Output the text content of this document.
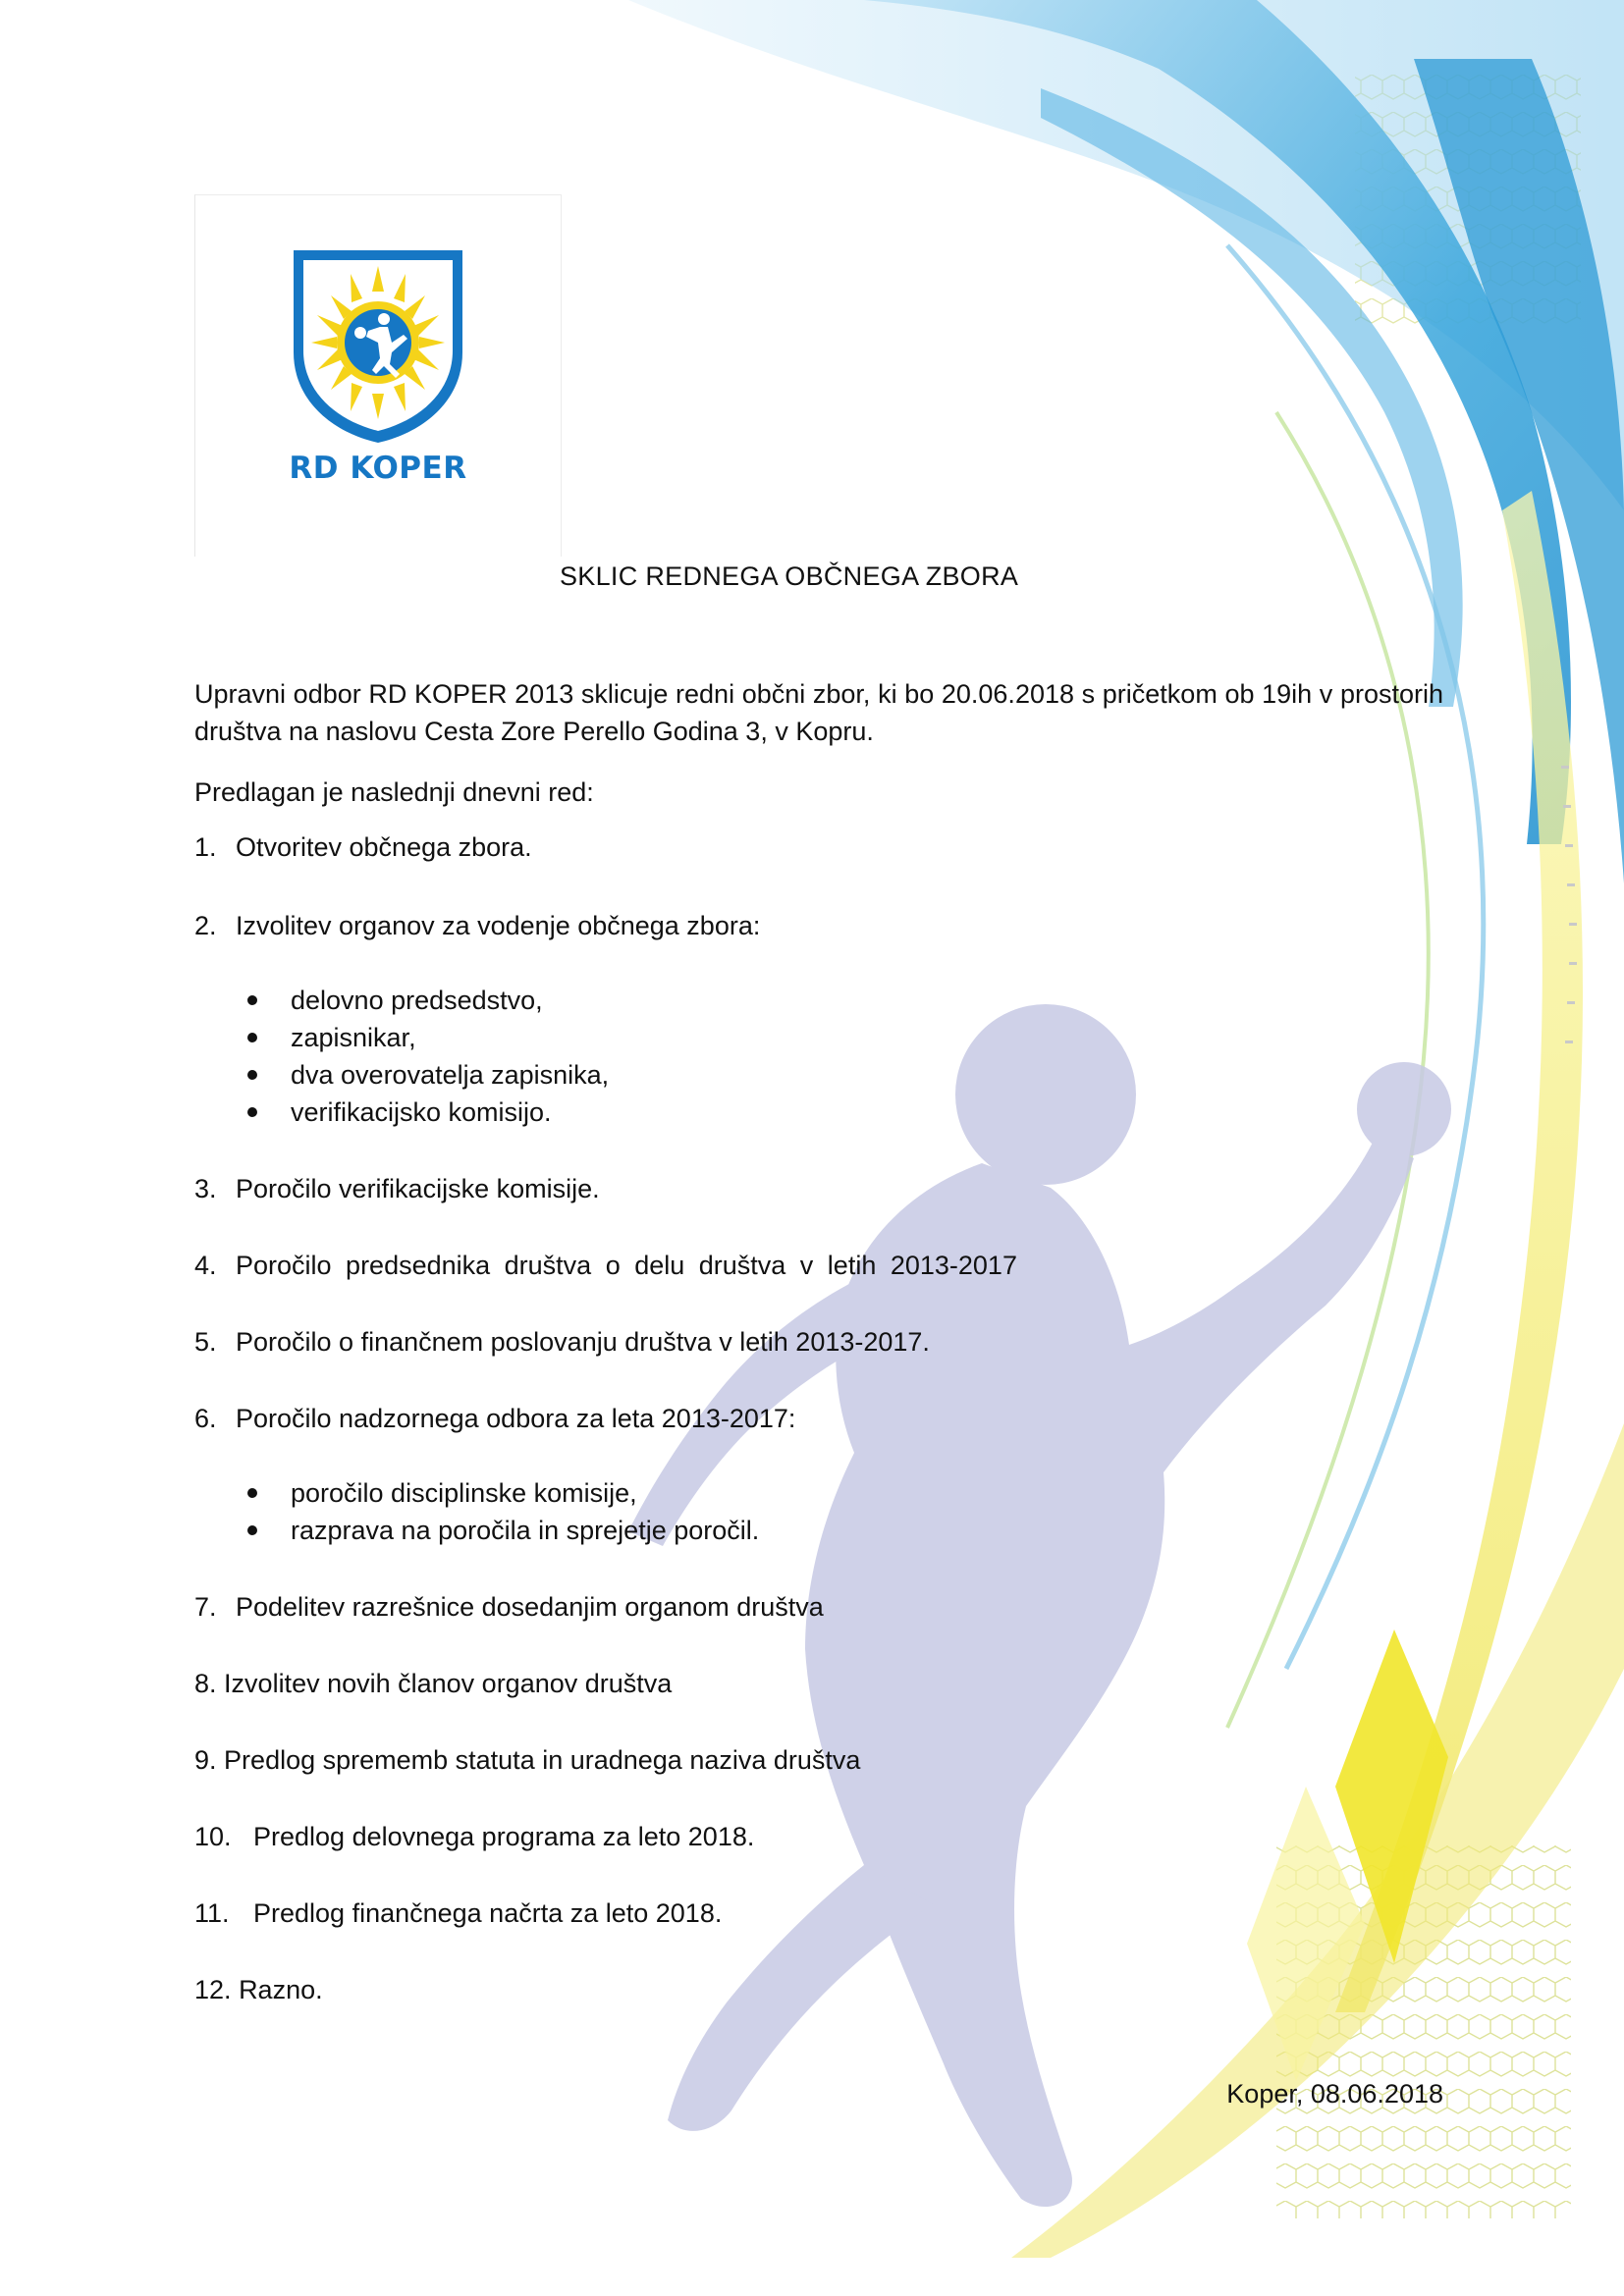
RD KOPER
SKLIC REDNEGA OBČNEGA ZBORA
Upravni odbor RD KOPER 2013 sklicuje redni občni zbor, ki bo 20.06.2018 s pričetkom ob 19ih v prostorih društva na naslovu Cesta Zore Perello Godina 3, v Kopru.
Predlagan je naslednji dnevni red:
1. Otvoritev občnega zbora.
2. Izvolitev organov za vodenje občnega zbora:
delovno predsedstvo,
zapisnikar,
dva overovatelja zapisnika,
verifikacijsko komisijo.
3. Poročilo verifikacijske komisije.
4. Poročilo predsednika društva o delu društva v letih 2013-2017
5. Poročilo o finančnem poslovanju društva v letih 2013-2017.
6. Poročilo nadzornega odbora za leta 2013-2017:
poročilo disciplinske komisije,
razprava na poročila in sprejetje poročil.
7. Podelitev razrešnice dosedanjim organom društva
8. Izvolitev novih članov organov društva
9. Predlog sprememb statuta in uradnega naziva društva
10. Predlog delovnega programa za leto 2018.
11. Predlog finančnega načrta za leto 2018.
12. Razno.
Koper, 08.06.2018
